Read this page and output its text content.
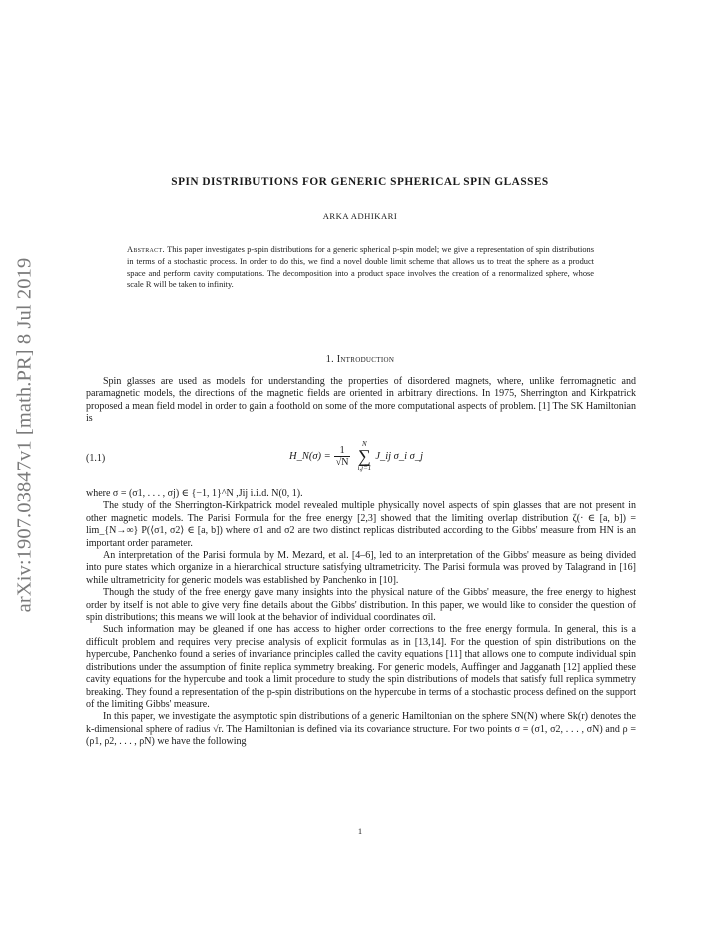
arXiv:1907.03847v1 [math.PR] 8 Jul 2019
SPIN DISTRIBUTIONS FOR GENERIC SPHERICAL SPIN GLASSES
ARKA ADHIKARI
Abstract. This paper investigates p-spin distributions for a generic spherical p-spin model; we give a representation of spin distributions in terms of a stochastic process. In order to do this, we find a novel double limit scheme that allows us to treat the sphere as a product space and perform cavity computations. The decomposition into a product space involves the creation of a renormalized sphere, whose scale R will be taken to infinity.
1. Introduction

Spin glasses are used as models for understanding the properties of disordered magnets, where, unlike ferromagnetic and paramagnetic models, the directions of the magnetic fields are oriented in arbitrary directions. In 1975, Sherrington and Kirkpatrick proposed a mean field model in order to gain a foothold on some of the more computational aspects of problem. [1] The SK Hamiltonian is

(1.1)	H_N(σ) = $\frac{1}{√N}$
N
∑
i,j=1
J_ij σ_i σ_j

where σ = (σ1, . . . , σj) ∈ {−1, 1}^N ,Jij i.i.d. N(0, 1).

The study of the Sherrington-Kirkpatrick model revealed multiple physically novel aspects of spin glasses that are not present in other magnetic models. The Parisi Formula for the free energy [2,3] showed that the limiting overlap distribution ζ(· ∈ [a, b]) = lim_{N→∞} P(⟨σ1, σ2⟩ ∈ [a, b]) where σ1 and σ2 are two distinct replicas distributed according to the Gibbs' measure from HN is an important order parameter.

An interpretation of the Parisi formula by M. Mezard, et al. [4–6], led to an interpretation of the Gibbs' measure as being divided into pure states which organize in a hierarchical structure satisfying ultrametricity. The Parisi formula was proved by Talagrand in [16] while ultrametricity for generic models was established by Panchenko in [10].

Though the study of the free energy gave many insights into the physical nature of the Gibbs' measure, the free energy to highest order by itself is not able to give very fine details about the Gibbs' distribution. In this paper, we would like to consider the question of spin distributions; this means we will look at the behavior of individual coordinates σil.

Such information may be gleaned if one has access to higher order corrections to the free energy formula. In general, this is a difficult problem and requires very precise analysis of explicit formulas as in [13,14]. For the question of spin distributions on the hypercube, Panchenko found a series of invariance principles called the cavity equations [11] that allows one to compute individual spin distributions under the assumption of finite replica symmetry breaking. For generic models, Auffinger and Jagganath [12] applied these cavity equations for the hypercube and took a limit procedure to study the spin distributions of models that satisfy full replica symmetry breaking. They found a representation of the p-spin distributions on the hypercube in terms of a stochastic process defined on the support of the limiting Gibbs' measure.

In this paper, we investigate the asymptotic spin distributions of a generic Hamiltonian on the sphere SN(N) where Sk(r) denotes the k-dimensional sphere of radius √r. The Hamiltonian is defined via its covariance structure. For two points σ = (σ1, σ2, . . . , σN) and ρ = (ρ1, ρ2, . . . , ρN) we have the following

1
